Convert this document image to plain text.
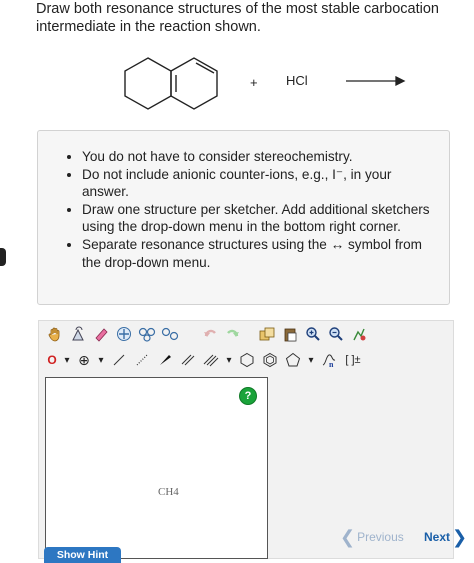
Draw both resonance structures of the most stable carbocation intermediate in the reaction shown.
+ HCl
• You do not have to consider stereochemistry.
• Do not include anionic counter-ions, e.g., I⁻, in your answer.
• Draw one structure per sketcher. Add additional sketchers using the drop-down menu in the bottom right corner.
• Separate resonance structures using the ↔ symbol from the drop-down menu.
O ▾ ⊕ ▾	▾	▾	n	[ ]±
CH4
?
Show Hint
❮ Previous Next ❯
